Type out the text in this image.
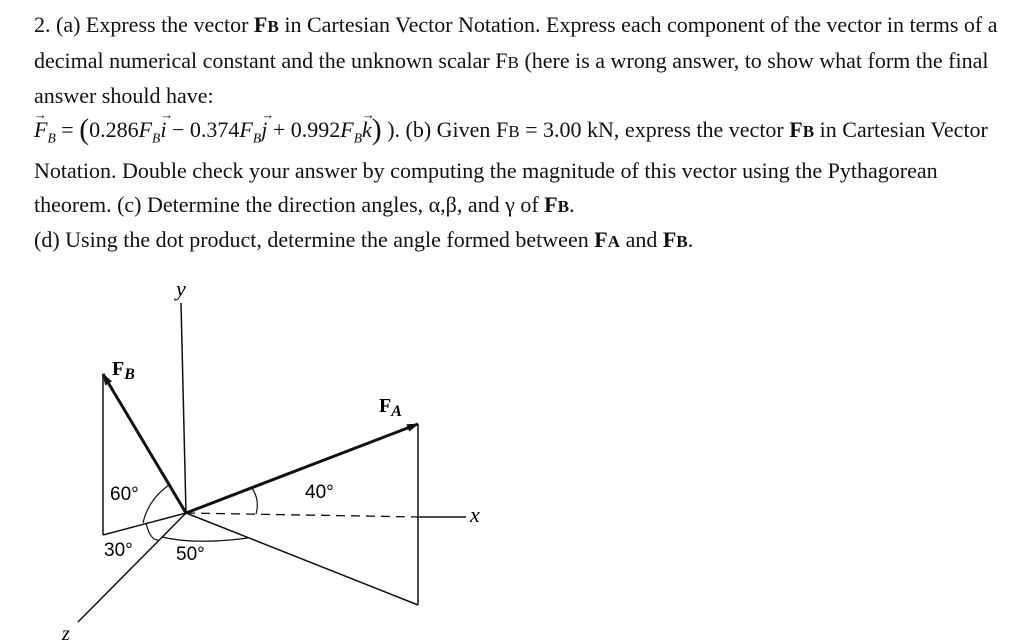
2. (a) Express the vector FB in Cartesian Vector Notation. Express each component of the vector in terms of a decimal numerical constant and the unknown scalar FB (here is a wrong answer, to show what form the final answer should have:
→ $F_B = (0.286F_B\to i - 0.374F_B\to j + 0.992F_B\to k)$ ). (b) Given FB = 3.00 kN, express the vector FB in Cartesian Vector Notation. Double check your answer by computing the magnitude of this vector using the Pythagorean theorem. (c) Determine the direction angles, α,β, and γ of FB.
(d) Using the dot product, determine the angle formed between FA and FB.

y
x
z
$F_B$
$F_A$
60°
30°
40°
50°
